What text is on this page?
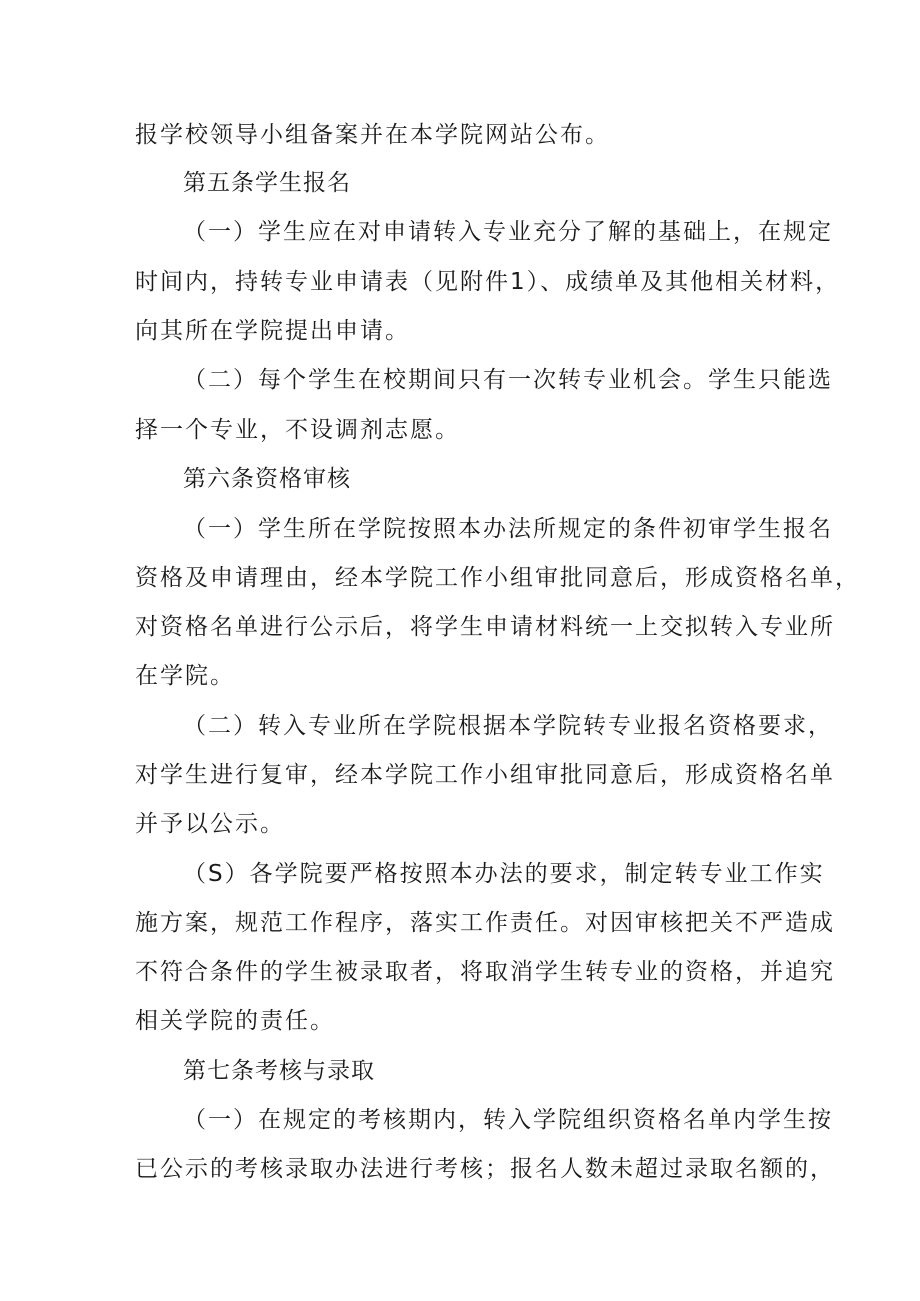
报学校领导小组备案并在本学院网站公布。
第五条学生报名
（一）学生应在对申请转入专业充分了解的基础上，在规定
时间内，持转专业申请表（见附件1）、成绩单及其他相关材料，
向其所在学院提出申请。
（二）每个学生在校期间只有一次转专业机会。学生只能选
择一个专业，不设调剂志愿。
第六条资格审核
（一）学生所在学院按照本办法所规定的条件初审学生报名
资格及申请理由，经本学院工作小组审批同意后，形成资格名单，
对资格名单进行公示后，将学生申请材料统一上交拟转入专业所
在学院。
（二）转入专业所在学院根据本学院转专业报名资格要求，
对学生进行复审，经本学院工作小组审批同意后，形成资格名单
并予以公示。
（S）各学院要严格按照本办法的要求，制定转专业工作实
施方案，规范工作程序，落实工作责任。对因审核把关不严造成
不符合条件的学生被录取者，将取消学生转专业的资格，并追究
相关学院的责任。
第七条考核与录取
（一）在规定的考核期内，转入学院组织资格名单内学生按
已公示的考核录取办法进行考核；报名人数未超过录取名额的，
